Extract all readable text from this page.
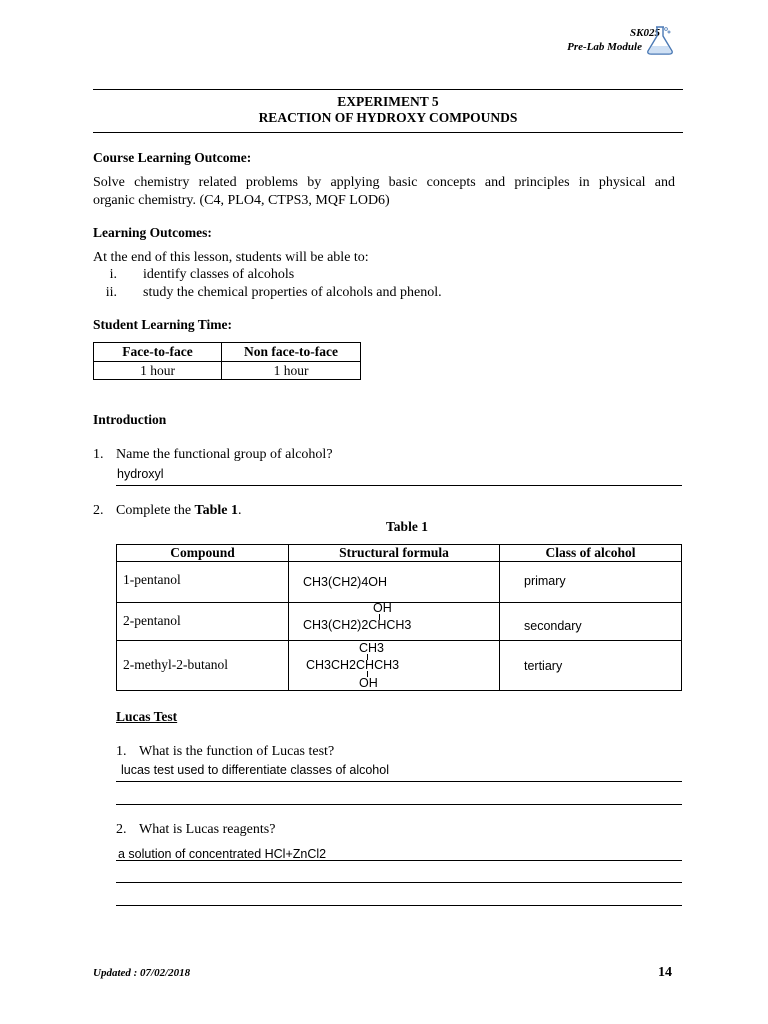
SK025
Pre-Lab Module
EXPERIMENT 5
REACTION OF HYDROXY COMPOUNDS
Course Learning Outcome:
Solve chemistry related problems by applying basic concepts and principles in physical and
organic chemistry. (C4, PLO4, CTPS3, MQF LOD6)
Learning Outcomes:
At the end of this lesson, students will be able to:
i. identify classes of alcohols
ii. study the chemical properties of alcohols and phenol.
Student Learning Time:
Face-to-face	Non face-to-face
1 hour	1 hour
Introduction
1. Name the functional group of alcohol?
hydroxyl
2. Complete the Table 1.
Table 1
Compound	Structural formula	Class of alcohol
1-pentanol	CH3(CH2)4OH	primary

2-pentanol	OH
CH3(CH2)2CHCH3	secondary

2-methyl-2-butanol	CH3
CH3CH2CHCH3
OH	tertiary
Lucas Test
1. What is the function of Lucas test?
lucas test used to differentiate classes of alcohol
2. What is Lucas reagents?
a solution of concentrated HCl+ZnCl2
Updated : 07/02/2018	14
